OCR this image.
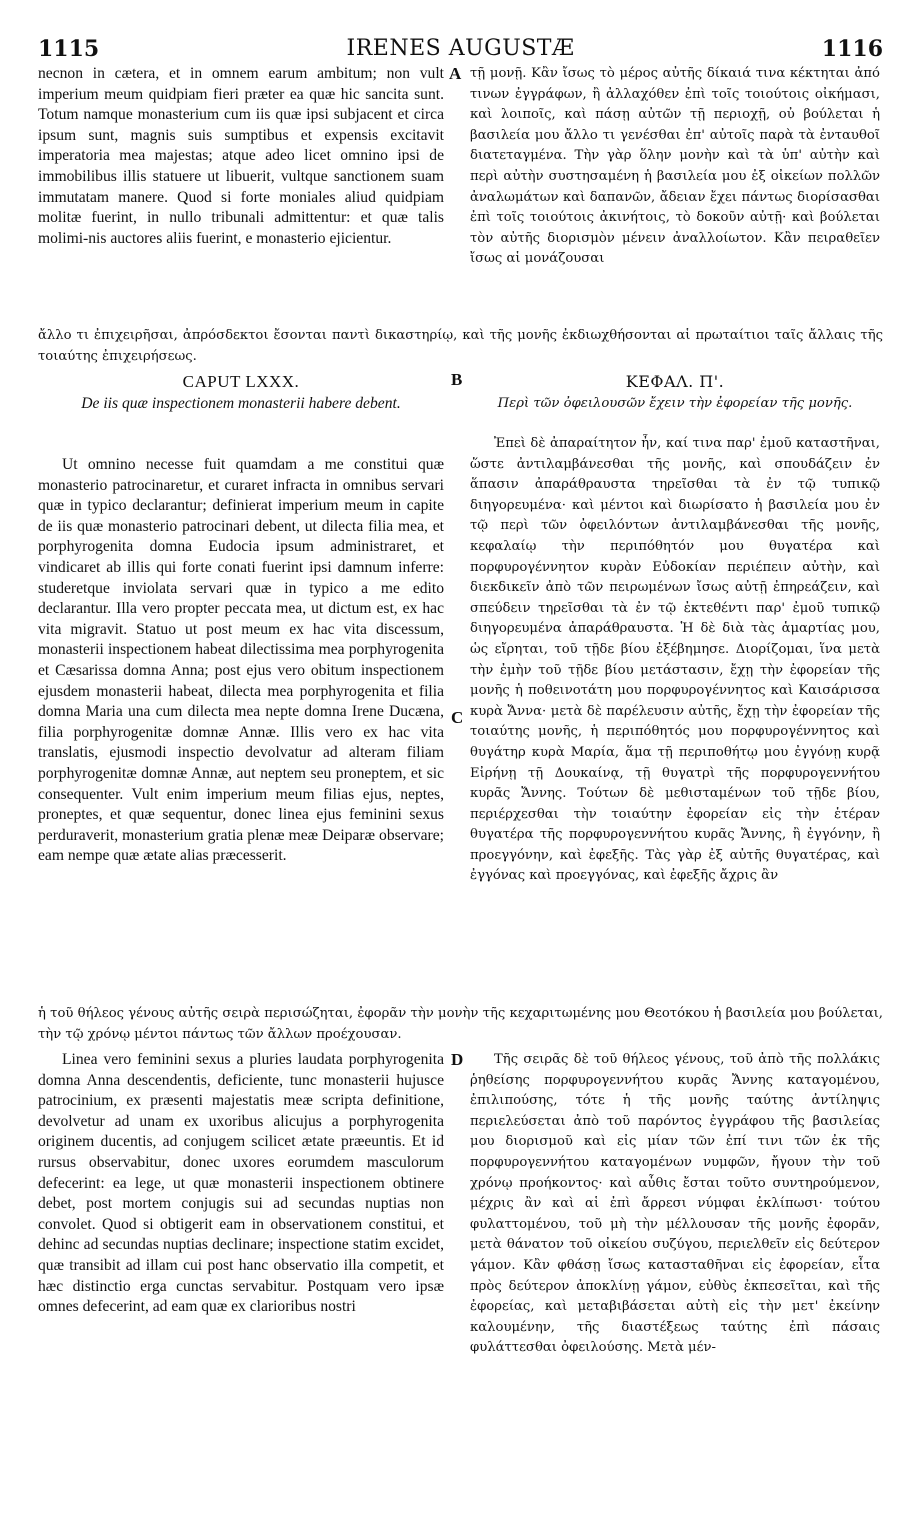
1115	IRENES AUGUSTÆ	1116

necnon in cætera, et in omnem earum ambitum; non vult imperium meum quidpiam fieri præter ea quæ hic sancita sunt. Totum namque monasterium cum iis quæ ipsi subjacent et circa ipsum sunt, magnis suis sumptibus et expensis excitavit imperatoria mea majestas; atque adeo licet omnino ipsi de immobilibus illis statuere ut libuerit, vultque sanctionem suam immutatam manere. Quod si forte moniales aliud quidpiam molitæ fuerint, in nullo tribunali admittentur: et quæ talis molimi-nis auctores aliis fuerint, e monasterio ejicientur.

A τῇ μονῇ. Κἂν ἴσως τὸ μέρος αὐτῆς δίκαιά τινα κέκτηται ἀπό τινων ἐγγράφων, ἢ ἀλλαχόθεν ἐπὶ τοῖς τοιούτοις οἰκήμασι, καὶ λοιποῖς, καὶ πάσῃ αὐτῶν τῇ περιοχῇ, οὐ βούλεται ἡ βασιλεία μου ἄλλο τι γενέσθαι ἐπ' αὐτοῖς παρὰ τὰ ἐνταυθοῖ διατεταγμένα. Τὴν γὰρ ὅλην μονὴν καὶ τὰ ὑπ' αὐτὴν καὶ περὶ αὐτὴν συστησαμένη ἡ βασιλεία μου ἐξ οἰκείων πολλῶν ἀναλωμάτων καὶ δαπανῶν, ἄδειαν ἔχει πάντως διορίσασθαι ἐπὶ τοῖς τοιούτοις ἀκινήτοις, τὸ δοκοῦν αὐτῇ· καὶ βούλεται τὸν αὐτῆς διορισμὸν μένειν ἀναλλοίωτον. Κἂν πειραθεῖεν ἴσως αἱ μονάζουσαι

ἄλλο τι ἐπιχειρῆσαι, ἀπρόσδεκτοι ἔσονται παντὶ δικαστηρίῳ, καὶ τῆς μονῆς ἐκδιωχθήσονται αἱ πρωταίτιοι ταῖς ἄλλαις τῆς τοιαύτης ἐπιχειρήσεως.

CAPUT LXXX.	B	ΚΕΦΑΛ. Π'.
De iis quæ inspectionem monasterii habere debent.	Περὶ τῶν ὀφειλουσῶν ἔχειν τὴν ἐφορείαν τῆς μονῆς.

Ut omnino necesse fuit quamdam a me constitui quæ monasterio patrocinaretur, et curaret infracta in omnibus servari quæ in typico declarantur; definierat imperium meum in capite de iis quæ monasterio patrocinari debent, ut dilecta filia mea, et porphyrogenita domna Eudocia ipsum administraret, et vindicaret ab illis qui forte conati fuerint ipsi damnum inferre: studeretque inviolata servari quæ in typico a me edito declarantur. Illa vero propter peccata mea, ut dictum est, ex hac vita migravit. Statuo ut post meum ex hac vita discessum, monasterii inspectionem habeat dilectissima mea porphyrogenita et Cæsarissa domna Anna; post ejus vero obitum inspectionem ejusdem monasterii habeat, dilecta mea porphyrogenita et filia domna Maria una cum dilecta mea nepte domna Irene Ducæna, filia porphyrogenitæ domnæ Annæ. Illis vero ex hac vita translatis, ejusmodi inspectio devolvatur ad alteram filiam porphyrogenitæ domnæ Annæ, aut neptem seu proneptem, et sic consequenter. Vult enim imperium meum filias ejus, neptes, proneptes, et quæ sequentur, donec linea ejus feminini sexus perduraverit, monasterium gratia plenæ meæ Deiparæ observare; eam nempe quæ ætate alias præcesserit.

C

Ἐπεὶ δὲ ἀπαραίτητον ἦν, καί τινα παρ' ἐμοῦ καταστῆναι, ὥστε ἀντιλαμβάνεσθαι τῆς μονῆς, καὶ σπουδάζειν ἐν ἅπασιν ἀπαράθραυστα τηρεῖσθαι τὰ ἐν τῷ τυπικῷ διηγορευμένα· καὶ μέντοι καὶ διωρίσατο ἡ βασιλεία μου ἐν τῷ περὶ τῶν ὀφειλόντων ἀντιλαμβάνεσθαι τῆς μονῆς, κεφαλαίῳ τὴν περιπόθητόν μου θυγατέρα καὶ πορφυρογέννητον κυρὰν Εὐδοκίαν περιέπειν αὐτὴν, καὶ διεκδικεῖν ἀπὸ τῶν πειρωμένων ἴσως αὐτῇ ἐπηρεάζειν, καὶ σπεύδειν τηρεῖσθαι τὰ ἐν τῷ ἐκτεθέντι παρ' ἐμοῦ τυπικῷ διηγορευμένα ἀπαράθραυστα. Ἡ δὲ διὰ τὰς ἁμαρτίας μου, ὡς εἴρηται, τοῦ τῇδε βίου ἐξέβημησε. Διορίζομαι, ἵνα μετὰ τὴν ἐμὴν τοῦ τῇδε βίου μετάστασιν, ἔχῃ τὴν ἐφορείαν τῆς μονῆς ἡ ποθεινοτάτη μου πορφυρογέννητος καὶ Καισάρισσα κυρὰ Ἄννα· μετὰ δὲ παρέλευσιν αὐτῆς, ἔχῃ τὴν ἐφορείαν τῆς τοιαύτης μονῆς, ἡ περιπόθητός μου πορφυρογέννητος καὶ θυγάτηρ κυρὰ Μαρία, ἅμα τῇ περιποθήτῳ μου ἐγγόνῃ κυρᾷ Εἰρήνῃ τῇ Δουκαίνᾳ, τῇ θυγατρὶ τῆς πορφυρογεννήτου κυρᾶς Ἄννης. Τούτων δὲ μεθισταμένων τοῦ τῇδε βίου, περιέρχεσθαι τὴν τοιαύτην ἐφορείαν εἰς τὴν ἑτέραν θυγατέρα τῆς πορφυρογεννήτου κυρᾶς Ἄννης, ἢ ἐγγόνην, ἢ προεγγόνην, καὶ ἐφεξῆς. Τὰς γὰρ ἐξ αὐτῆς θυγατέρας, καὶ ἐγγόνας καὶ προεγγόνας, καὶ ἐφεξῆς ἄχρις ἂν

ἡ τοῦ θήλεος γένους αὐτῆς σειρὰ περισώζηται, ἐφορᾶν τὴν μονὴν τῆς κεχαριτωμένης μου Θεοτόκου ἡ βασιλεία μου βούλεται, τὴν τῷ χρόνῳ μέντοι πάντως τῶν ἄλλων προέχουσαν.

Linea vero feminini sexus a pluries laudata porphyrogenita domna Anna descendentis, deficiente, tunc monasterii hujusce patrocinium, ex præsenti majestatis meæ scripta definitione, devolvetur ad unam ex uxoribus alicujus a porphyrogenita originem ducentis, ad conjugem scilicet ætate præeuntis. Et id rursus observabitur, donec uxores eorumdem masculorum defecerint: ea lege, ut quæ monasterii inspectionem obtinere debet, post mortem conjugis sui ad secundas nuptias non convolet. Quod si obtigerit eam in observationem constitui, et dehinc ad secundas nuptias declinare; inspectione statim excidet, quæ transibit ad illam cui post hanc observatio illa competit, et hæc distinctio erga cunctas servabitur. Postquam vero ipsæ omnes defecerint, ad eam quæ ex clarioribus nostri

D	Τῆς σειρᾶς δὲ τοῦ θήλεος γένους, τοῦ ἀπὸ τῆς πολλάκις ῥηθείσης πορφυρογεννήτου κυρᾶς Ἄννης καταγομένου, ἐπιλιπούσης, τότε ἡ τῆς μονῆς ταύτης ἀντίληψις περιελεύσεται ἀπὸ τοῦ παρόντος ἐγγράφου τῆς βασιλείας μου διορισμοῦ καὶ εἰς μίαν τῶν ἐπί τινι τῶν ἐκ τῆς πορφυρογεννήτου καταγομένων νυμφῶν, ἤγουν τὴν τοῦ χρόνῳ προήκοντος· καὶ αὖθις ἔσται τοῦτο συντηρούμενον, μέχρις ἂν καὶ αἱ ἐπὶ ἄρρεσι νύμφαι ἐκλίπωσι· τούτου φυλαττομένου, τοῦ μὴ τὴν μέλλουσαν τῆς μονῆς ἐφορᾶν, μετὰ θάνατον τοῦ οἰκείου συζύγου, περιελθεῖν εἰς δεύτερον γάμον. Κἂν φθάσῃ ἴσως κατασταθῆναι εἰς ἐφορείαν, εἶτα πρὸς δεύτερον ἀποκλίνῃ γάμον, εὐθὺς ἐκπεσεῖται, καὶ τῆς ἐφορείας, καὶ μεταβιβάσεται αὐτὴ εἰς τὴν μετ' ἐκείνην καλουμένην, τῆς διαστέξεως ταύτης ἐπὶ πάσαις φυλάττεσθαι ὀφειλούσης. Μετὰ μέν-
